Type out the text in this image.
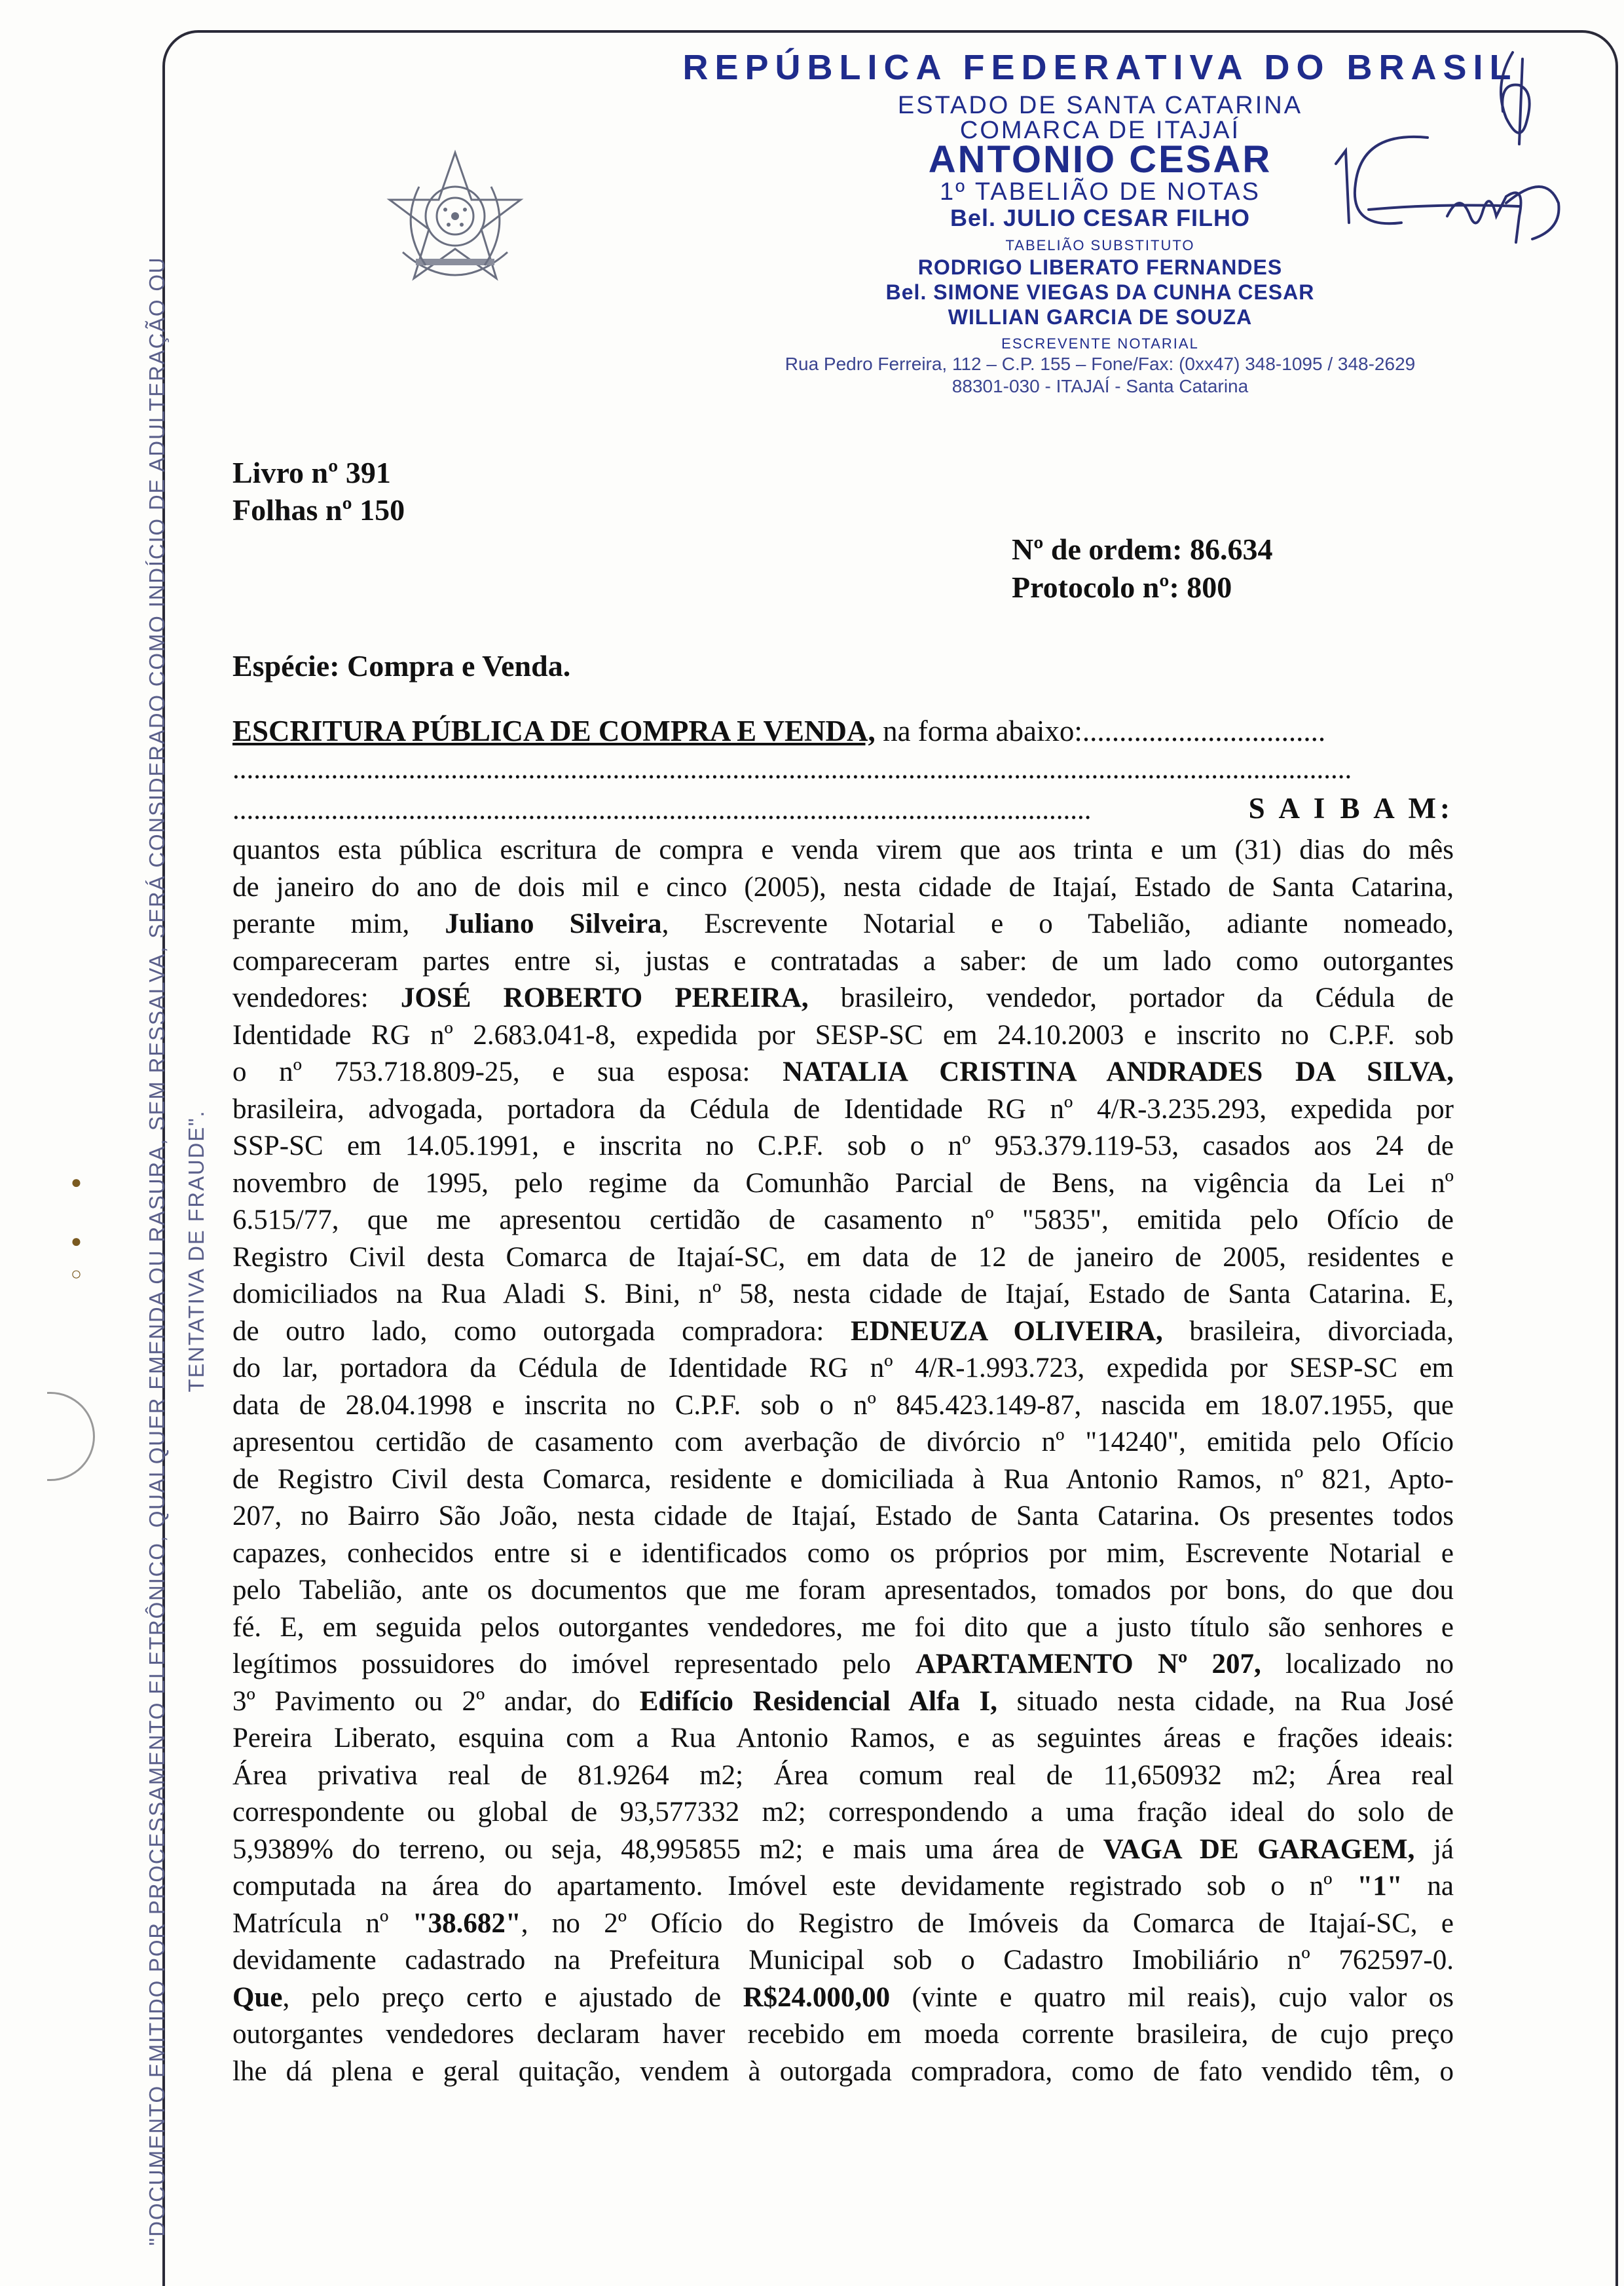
"DOCUMENTO EMITIDO POR PROCESSAMENTO ELETRÔNICO, QUALQUER EMENDA OU RASURA, SEM RESSALVA, SERÁ CONSIDERADO COMO INDÍCIO DE ADULTERAÇÃO OU TENTATIVA DE FRAUDE".
●
●
○
REPÚBLICA FEDERATIVA DO BRASIL
ESTADO DE SANTA CATARINA
COMARCA DE ITAJAÍ
ANTONIO CESAR
1º TABELIÃO DE NOTAS
Bel. JULIO CESAR FILHO
TABELIÃO SUBSTITUTO
RODRIGO LIBERATO FERNANDES
Bel. SIMONE VIEGAS DA CUNHA CESAR
WILLIAN GARCIA DE SOUZA
ESCREVENTE NOTARIAL
Rua Pedro Ferreira, 112 – C.P. 155 – Fone/Fax: (0xx47) 348-1095 / 348-2629
88301-030 - ITAJAÍ - Santa Catarina
Livro nº 391
Folhas nº 150
Nº de ordem: 86.634
Protocolo nº: 800
Espécie: Compra e Venda.
ESCRITURA PÚBLICA DE COMPRA E VENDA, na forma abaixo:.................................
...............................................................................................................................................................
..........................................................................................................................	S A I B A M:
quantos esta pública escritura de compra e venda virem que aos trinta e um (31) dias do mês
de janeiro do ano de dois mil e cinco (2005), nesta cidade de Itajaí, Estado de Santa Catarina,
perante mim, Juliano Silveira, Escrevente Notarial e o Tabelião, adiante nomeado,
compareceram partes entre si, justas e contratadas a saber: de um lado como outorgantes
vendedores: JOSÉ ROBERTO PEREIRA, brasileiro, vendedor, portador da Cédula de
Identidade RG nº 2.683.041-8, expedida por SESP-SC em 24.10.2003 e inscrito no C.P.F. sob
o nº 753.718.809-25, e sua esposa: NATALIA CRISTINA ANDRADES DA SILVA,
brasileira, advogada, portadora da Cédula de Identidade RG nº 4/R-3.235.293, expedida por
SSP-SC em 14.05.1991, e inscrita no C.P.F. sob o nº 953.379.119-53, casados aos 24 de
novembro de 1995, pelo regime da Comunhão Parcial de Bens, na vigência da Lei nº
6.515/77, que me apresentou certidão de casamento nº "5835", emitida pelo Ofício de
Registro Civil desta Comarca de Itajaí-SC, em data de 12 de janeiro de 2005, residentes e
domiciliados na Rua Aladi S. Bini, nº 58, nesta cidade de Itajaí, Estado de Santa Catarina. E,
de outro lado, como outorgada compradora: EDNEUZA OLIVEIRA, brasileira, divorciada,
do lar, portadora da Cédula de Identidade RG nº 4/R-1.993.723, expedida por SESP-SC em
data de 28.04.1998 e inscrita no C.P.F. sob o nº 845.423.149-87, nascida em 18.07.1955, que
apresentou certidão de casamento com averbação de divórcio nº "14240", emitida pelo Ofício
de Registro Civil desta Comarca, residente e domiciliada à Rua Antonio Ramos, nº 821, Apto-
207, no Bairro São João, nesta cidade de Itajaí, Estado de Santa Catarina. Os presentes todos
capazes, conhecidos entre si e identificados como os próprios por mim, Escrevente Notarial e
pelo Tabelião, ante os documentos que me foram apresentados, tomados por bons, do que dou
fé. E, em seguida pelos outorgantes vendedores, me foi dito que a justo título são senhores e
legítimos possuidores do imóvel representado pelo APARTAMENTO Nº 207, localizado no
3º Pavimento ou 2º andar, do Edifício Residencial Alfa I, situado nesta cidade, na Rua José
Pereira Liberato, esquina com a Rua Antonio Ramos, e as seguintes áreas e frações ideais:
Área privativa real de 81.9264 m2; Área comum real de 11,650932 m2; Área real
correspondente ou global de 93,577332 m2; correspondendo a uma fração ideal do solo de
5,9389% do terreno, ou seja, 48,995855 m2; e mais uma área de VAGA DE GARAGEM, já
computada na área do apartamento. Imóvel este devidamente registrado sob o nº "1" na
Matrícula nº "38.682", no 2º Ofício do Registro de Imóveis da Comarca de Itajaí-SC, e
devidamente cadastrado na Prefeitura Municipal sob o Cadastro Imobiliário nº 762597-0.
Que, pelo preço certo e ajustado de R$24.000,00 (vinte e quatro mil reais), cujo valor os
outorgantes vendedores declaram haver recebido em moeda corrente brasileira, de cujo preço
lhe dá plena e geral quitação, vendem à outorgada compradora, como de fato vendido têm, o
